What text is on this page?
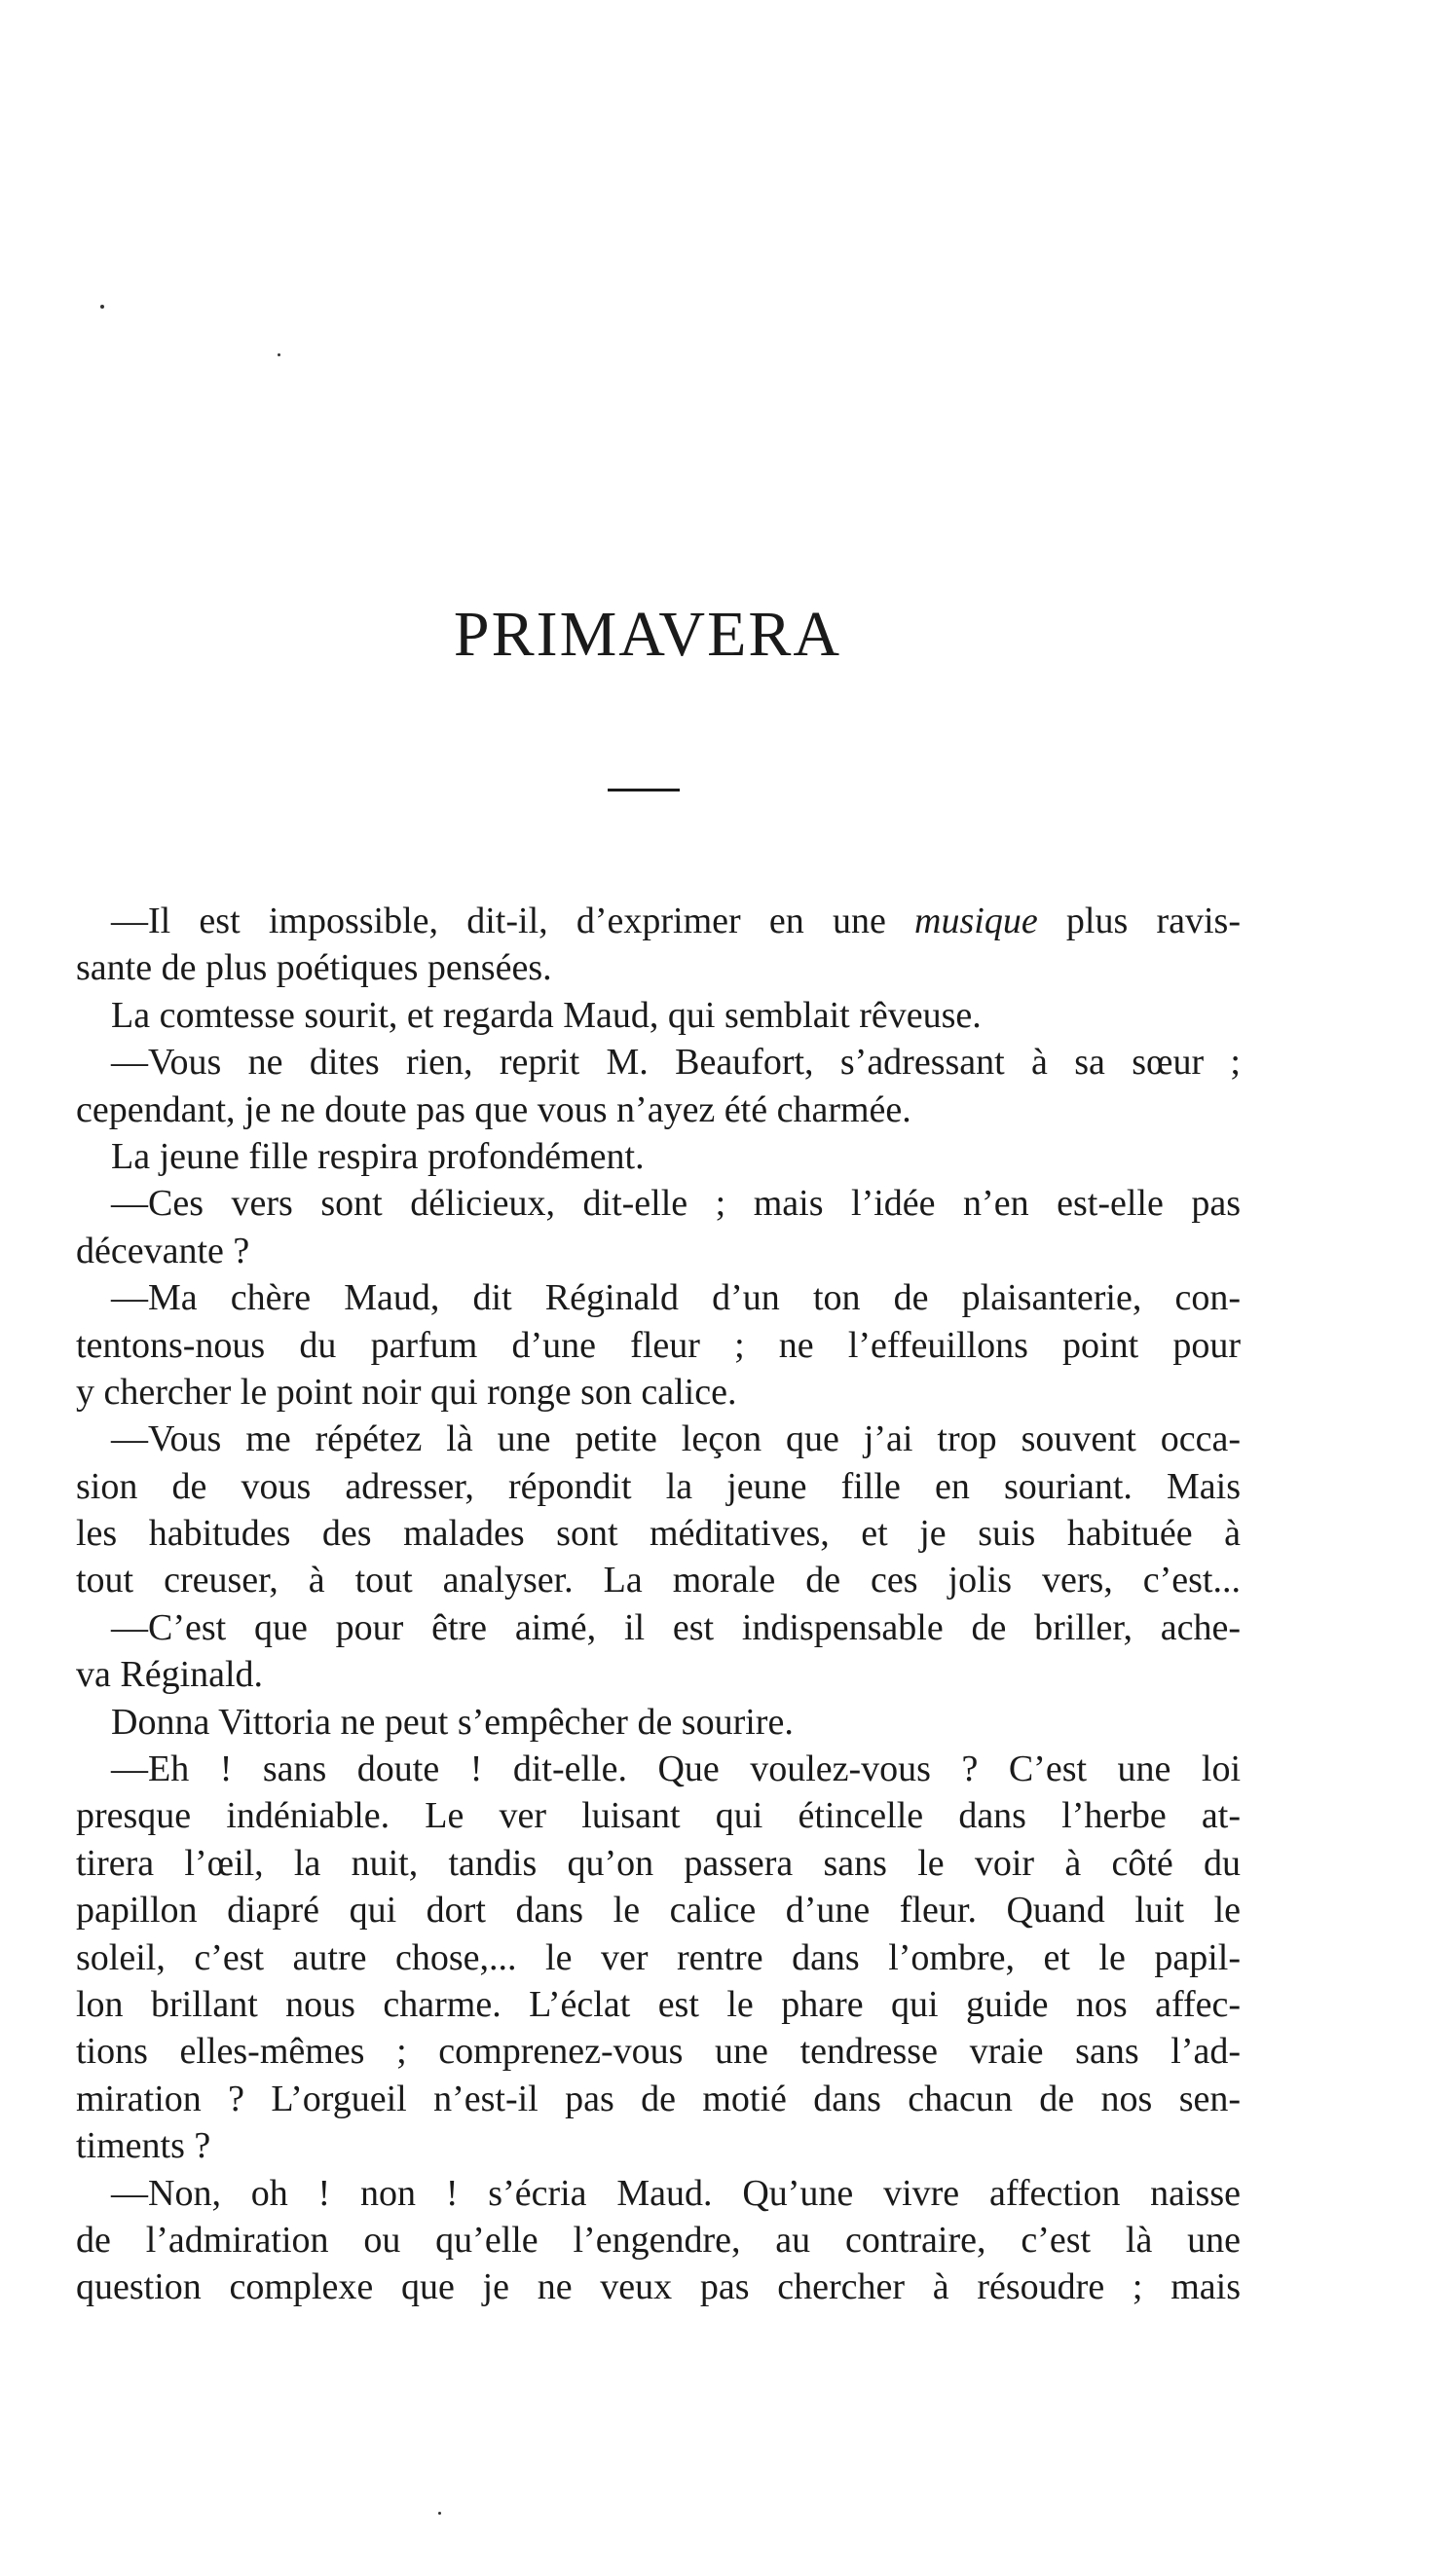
PRIMAVERA
—Il est impossible, dit-il, d’exprimer en une musique plus ravis-
sante de plus poétiques pensées.
La comtesse sourit, et regarda Maud, qui semblait rêveuse.
—Vous ne dites rien, reprit M. Beaufort, s’adressant à sa sœur ;
cependant, je ne doute pas que vous n’ayez été charmée.
La jeune fille respira profondément.
—Ces vers sont délicieux, dit-elle ; mais l’idée n’en est-elle pas
décevante ?
—Ma chère Maud, dit Réginald d’un ton de plaisanterie, con-
tentons-nous du parfum d’une fleur ; ne l’effeuillons point pour
y chercher le point noir qui ronge son calice.
—Vous me répétez là une petite leçon que j’ai trop souvent occa-
sion de vous adresser, répondit la jeune fille en souriant. Mais
les habitudes des malades sont méditatives, et je suis habituée à
tout creuser, à tout analyser. La morale de ces jolis vers, c’est...
—C’est que pour être aimé, il est indispensable de briller, ache-
va Réginald.
Donna Vittoria ne peut s’empêcher de sourire.
—Eh ! sans doute ! dit-elle. Que voulez-vous ? C’est une loi
presque indéniable. Le ver luisant qui étincelle dans l’herbe at-
tirera l’œil, la nuit, tandis qu’on passera sans le voir à côté du
papillon diapré qui dort dans le calice d’une fleur. Quand luit le
soleil, c’est autre chose,... le ver rentre dans l’ombre, et le papil-
lon brillant nous charme. L’éclat est le phare qui guide nos affec-
tions elles-mêmes ; comprenez-vous une tendresse vraie sans l’ad-
miration ? L’orgueil n’est-il pas de motié dans chacun de nos sen-
timents ?
—Non, oh ! non ! s’écria Maud. Qu’une vivre affection naisse
de l’admiration ou qu’elle l’engendre, au contraire, c’est là une
question complexe que je ne veux pas chercher à résoudre ; mais
